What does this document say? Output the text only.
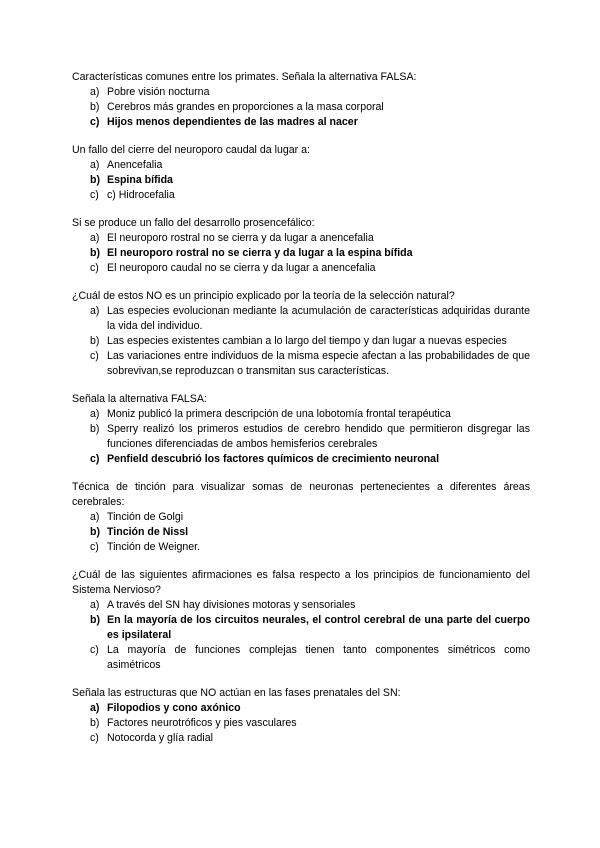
Características comunes entre los primates. Señala la alternativa FALSA:
a) Pobre visión nocturna
b) Cerebros más grandes en proporciones a la masa corporal
c) Hijos menos dependientes de las madres al nacer
Un fallo del cierre del neuroporo caudal da lugar a:
a) Anencefalia
b) Espina bífida
c) c) Hidrocefalia
Si se produce un fallo del desarrollo prosencefálico:
a) El neuroporo rostral no se cierra y da lugar a anencefalia
b) El neuroporo rostral no se cierra y da lugar a la espina bífida
c) El neuroporo caudal no se cierra y da lugar a anencefalia
¿Cuál de estos NO es un principio explicado por la teoría de la selección natural?
a) Las especies evolucionan mediante la acumulación de características adquiridas durante la vida del individuo.
b) Las especies existentes cambian a lo largo del tiempo y dan lugar a nuevas especies
c) Las variaciones entre individuos de la misma especie afectan a las probabilidades de que sobrevivan,se reproduzcan o transmitan sus características.
Señala la alternativa FALSA:
a) Moniz publicó la primera descripción de una lobotomía frontal terapéutica
b) Sperry realizó los primeros estudios de cerebro hendido que permitieron disgregar las funciones diferenciadas de ambos hemisferios cerebrales
c) Penfield descubrió los factores químicos de crecimiento neuronal
Técnica de tinción para visualizar somas de neuronas pertenecientes a diferentes áreas cerebrales:
a) Tinción de Golgi
b) Tinción de Nissl
c) Tinción de Weigner.
¿Cuál de las siguientes afirmaciones es falsa respecto a los principios de funcionamiento del Sistema Nervioso?
a) A través del SN hay divisiones motoras y sensoriales
b) En la mayoría de los circuitos neurales, el control cerebral de una parte del cuerpo es ipsilateral
c) La mayoría de funciones complejas tienen tanto componentes simétricos como asimétricos
Señala las estructuras que NO actúan en las fases prenatales del SN:
a) Filopodios y cono axónico
b) Factores neurotróficos y pies vasculares
c) Notocorda y glía radial
